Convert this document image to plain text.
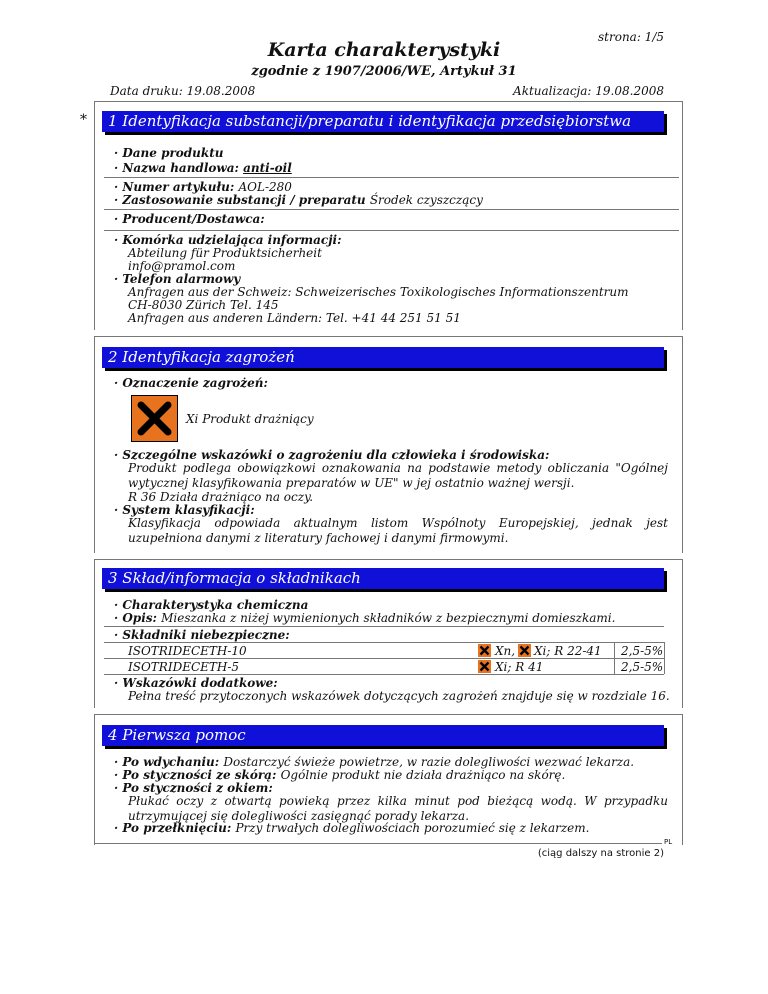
strona: 1/5
Karta charakterystyki
zgodnie z 1907/2006/WE, Artykuł 31
Data druku: 19.08.2008	Aktualizacja: 19.08.2008
*	1 Identyfikacja substancji/preparatu i identyfikacja przedsiębiorstwa
· Dane produktu
· Nazwa handlowa: anti-oil
· Numer artykułu: AOL-280
· Zastosowanie substancji / preparatu Środek czyszczący
· Producent/Dostawca:
· Komórka udzielająca informacji:
Abteilung für Produktsicherheit
info@pramol.com
· Telefon alarmowy
Anfragen aus der Schweiz: Schweizerisches Toxikologisches Informationszentrum
CH-8030 Zürich Tel. 145
Anfragen aus anderen Ländern: Tel. +41 44 251 51 51
2 Identyfikacja zagrożeń
· Oznaczenie zagrożeń:
Xi Produkt drażniący
· Szczególne wskazówki o zagrożeniu dla człowieka i środowiska:
Produkt podlega obowiązkowi oznakowania na podstawie metody obliczania "Ogólnej wytycznej klasyfikowania preparatów w UE" w jej ostatnio ważnej wersji.
R 36 Działa drażniąco na oczy.
· System klasyfikacji:
Klasyfikacja odpowiada aktualnym listom Wspólnoty Europejskiej, jednak jest uzupełniona danymi z literatury fachowej i danymi firmowymi.
3 Skład/informacja o składnikach
· Charakterystyka chemiczna
· Opis: Mieszanka z niżej wymienionych składników z bezpiecznymi domieszkami.
· Składniki niebezpieczne:
ISOTRIDECETH-10	Xn, Xi; R 22-41 2,5-5%
ISOTRIDECETH-5	Xi; R 41	2,5-5%
· Wskazówki dodatkowe:
Pełna treść przytoczonych wskazówek dotyczących zagrożeń znajduje się w rozdziale 16.
4 Pierwsza pomoc
· Po wdychaniu: Dostarczyć świeże powietrze, w razie dolegliwości wezwać lekarza.
· Po styczności ze skórą: Ogólnie produkt nie działa drażniąco na skórę.
· Po styczności z okiem:
Płukać oczy z otwartą powieką przez kilka minut pod bieżącą wodą. W przypadku utrzymującej się dolegliwości zasięgnąć porady lekarza.
· Po przełknięciu: Przy trwałych dolegliwościach porozumieć się z lekarzem.
PL
(ciąg dalszy na stronie 2)
